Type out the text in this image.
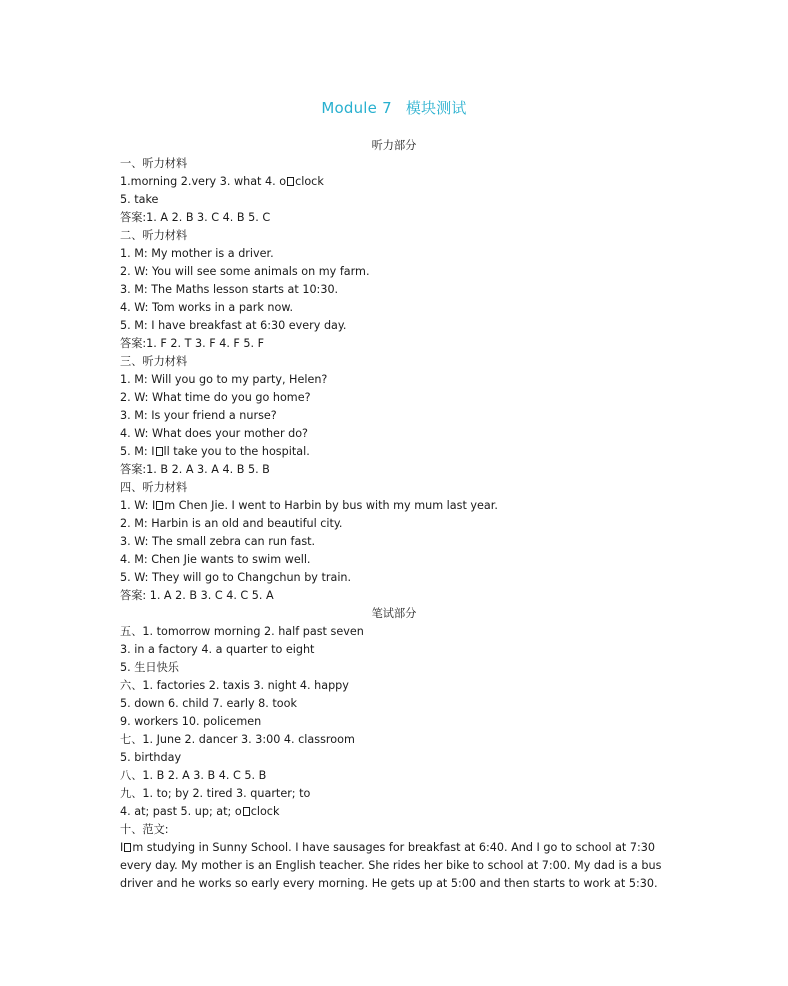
Module 7 模块测试
听力部分
一、听力材料
1.morning 2.very 3. what 4. o clock
5. take
答案:1. A 2. B 3. C 4. B 5. C
二、听力材料
1. M: My mother is a driver.
2. W: You will see some animals on my farm.
3. M: The Maths lesson starts at 10:30.
4. W: Tom works in a park now.
5. M: I have breakfast at 6:30 every day.
答案:1. F 2. T 3. F 4. F 5. F
三、听力材料
1. M: Will you go to my party, Helen?
2. W: What time do you go home?
3. M: Is your friend a nurse?
4. W: What does your mother do?
5. M: I ll take you to the hospital.
答案:1. B 2. A 3. A 4. B 5. B
四、听力材料
1. W: I m Chen Jie. I went to Harbin by bus with my mum last year.
2. M: Harbin is an old and beautiful city.
3. W: The small zebra can run fast.
4. M: Chen Jie wants to swim well.
5. W: They will go to Changchun by train.
答案: 1. A 2. B 3. C 4. C 5. A
笔试部分
五、1. tomorrow morning 2. half past seven
3. in a factory 4. a quarter to eight
5. 生日快乐
六、1. factories 2. taxis 3. night 4. happy
5. down 6. child 7. early 8. took
9. workers 10. policemen
七、1. June 2. dancer 3. 3:00 4. classroom
5. birthday
八、1. B 2. A 3. B 4. C 5. B
九、1. to; by 2. tired 3. quarter; to
4. at; past 5. up; at; o clock
十、范文:
I m studying in Sunny School. I have sausages for breakfast at 6:40. And I go to school at 7:30 every day. My mother is an English teacher. She rides her bike to school at 7:00. My dad is a bus driver and he works so early every morning. He gets up at 5:00 and then starts to work at 5:30.
